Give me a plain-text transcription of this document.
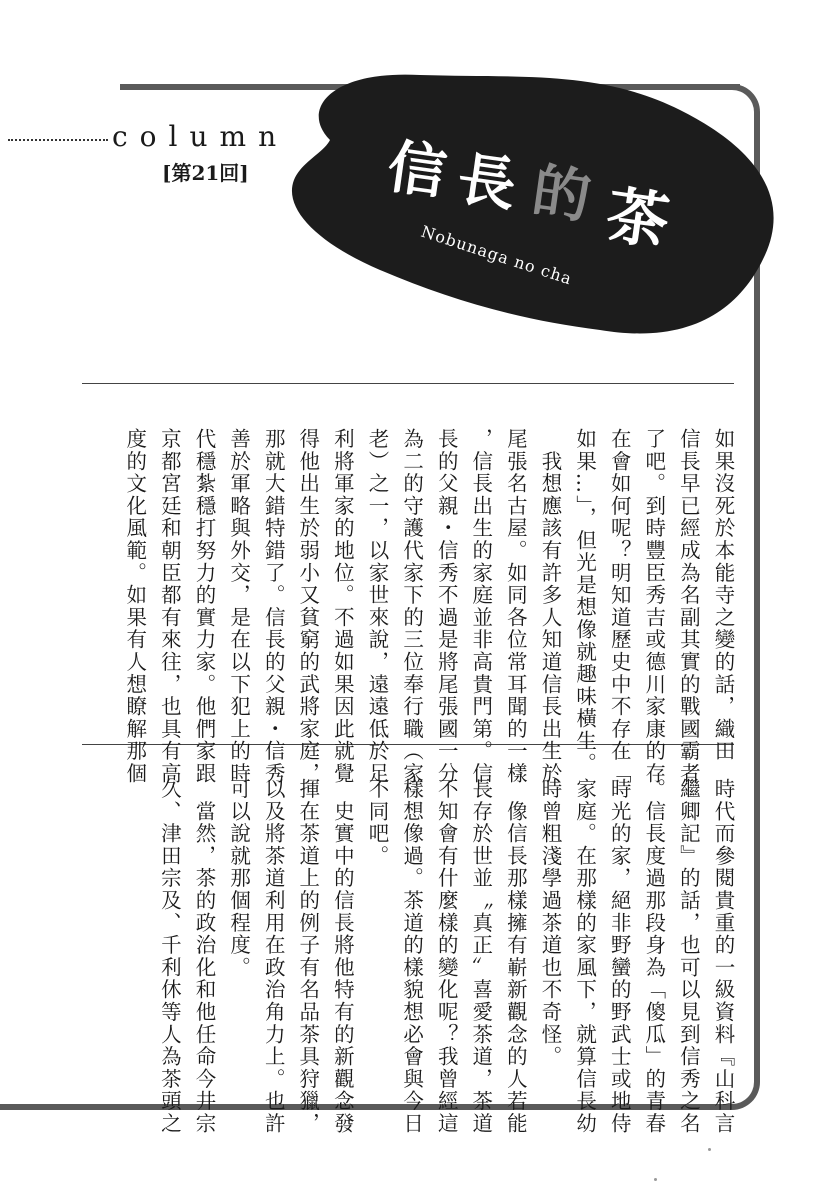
column
[第21回]
Nobunaga no cha
信 長 的 茶
如果沒死於本能寺之變的話，織田
信長早已經成為名副其實的戰國霸者
了吧。到時豐臣秀吉或德川家康的存
在會如何呢？明知道歷史中不存在「
如果…」，但光是想像就趣味橫生。
　我想應該有許多人知道信長出生於
尾張名古屋。如同各位常耳聞的一樣
，信長出生的家庭並非高貴門第。信
長的父親・信秀不過是將尾張國一分
為二的守護代家下的三位奉行職（家
老）之一，以家世來說，遠遠低於足
利將軍家的地位。不過如果因此就覺
得他出生於弱小又貧窮的武將家庭，
那就大錯特錯了。信長的父親・信秀
善於軍略與外交，是在以下犯上的時
代穩紮穩打努力的實力家。他們家跟
京都宮廷和朝臣都有來往，也具有高
度的文化風範。如果有人想瞭解那個
時代而參閱貴重的一級資料『山科言
繼卿記』的話，也可以見到信秀之名
。信長度過那段身為「傻瓜」的青春
時光的家，絕非野蠻的野武士或地侍
家庭。在那樣的家風下，就算信長幼
時曾粗淺學過茶道也不奇怪。
　像信長那樣擁有嶄新觀念的人若能
長存於世並〝真正〞喜愛茶道，茶道
不知會有什麼樣的變化呢？我曾經這
樣想像過。茶道的樣貌想必會與今日
不同吧。
　史實中的信長將他特有的新觀念發
揮在茶道上的例子有名品茶具狩獵，
以及將茶道利用在政治角力上。也許
可以說就那個程度。
　當然，茶的政治化和他任命今井宗
久、津田宗及、千利休等人為茶頭之
